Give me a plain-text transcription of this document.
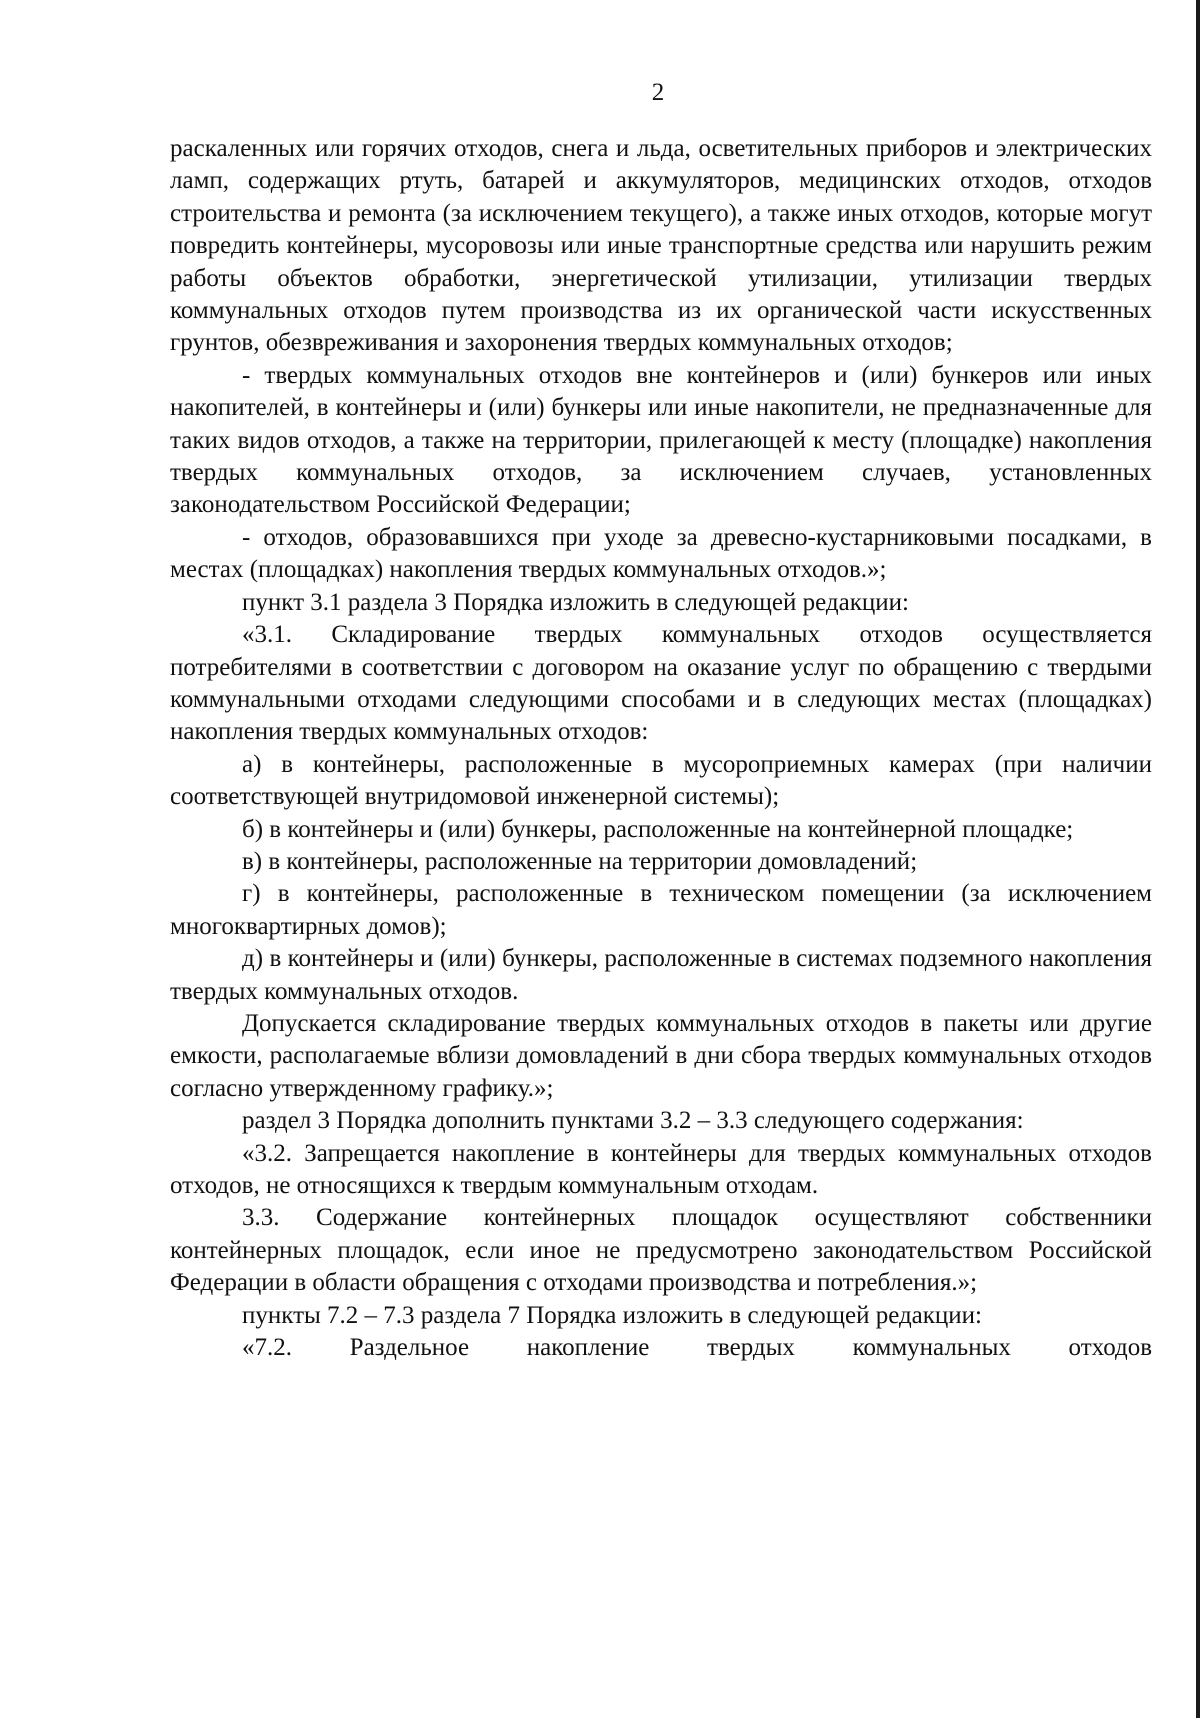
2

раскаленных или горячих отходов, снега и льда, осветительных приборов и электрических ламп, содержащих ртуть, батарей и аккумуляторов, медицинских отходов, отходов строительства и ремонта (за исключением текущего), а также иных отходов, которые могут повредить контейнеры, мусоровозы или иные транспортные средства или нарушить режим работы объектов обработки, энергетической утилизации, утилизации твердых коммунальных отходов путем производства из их органической части искусственных грунтов, обезвреживания и захоронения твердых коммунальных отходов;

- твердых коммунальных отходов вне контейнеров и (или) бункеров или иных накопителей, в контейнеры и (или) бункеры или иные накопители, не предназначенные для таких видов отходов, а также на территории, прилегающей к месту (площадке) накопления твердых коммунальных отходов, за исключением случаев, установленных законодательством Российской Федерации;

- отходов, образовавшихся при уходе за древесно-кустарниковыми посадками, в местах (площадках) накопления твердых коммунальных отходов.»;

пункт 3.1 раздела 3 Порядка изложить в следующей редакции:

«3.1. Складирование твердых коммунальных отходов осуществляется потребителями в соответствии с договором на оказание услуг по обращению с твердыми коммунальными отходами следующими способами и в следующих местах (площадках) накопления твердых коммунальных отходов:

а) в контейнеры, расположенные в мусороприемных камерах (при наличии соответствующей внутридомовой инженерной системы);

б) в контейнеры и (или) бункеры, расположенные на контейнерной площадке;

в) в контейнеры, расположенные на территории домовладений;

г) в контейнеры, расположенные в техническом помещении (за исключением многоквартирных домов);

д) в контейнеры и (или) бункеры, расположенные в системах подземного накопления твердых коммунальных отходов.

Допускается складирование твердых коммунальных отходов в пакеты или другие емкости, располагаемые вблизи домовладений в дни сбора твердых коммунальных отходов согласно утвержденному графику.»;

раздел 3 Порядка дополнить пунктами 3.2 – 3.3 следующего содержания:

«3.2. Запрещается накопление в контейнеры для твердых коммунальных отходов отходов, не относящихся к твердым коммунальным отходам.

3.3. Содержание контейнерных площадок осуществляют собственники контейнерных площадок, если иное не предусмотрено законодательством Российской Федерации в области обращения с отходами производства и потребления.»;

пункты 7.2 – 7.3 раздела 7 Порядка изложить в следующей редакции:

«7.2. Раздельное накопление твердых коммунальных отходов
